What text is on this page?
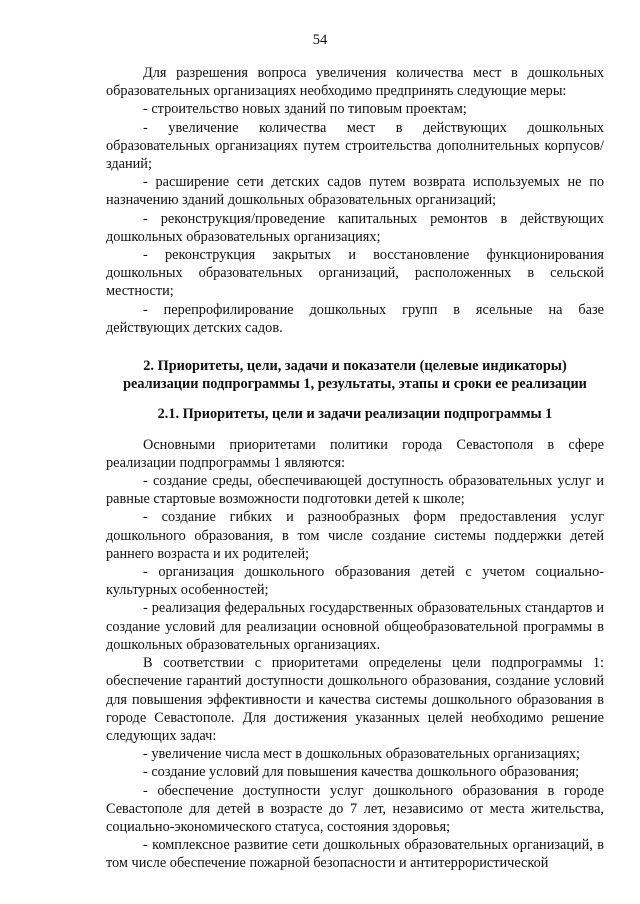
54

Для разрешения вопроса увеличения количества мест в дошкольных образовательных организациях необходимо предпринять следующие меры:

- строительство новых зданий по типовым проектам;

- увеличение количества мест в действующих дошкольных образовательных организациях путем строительства дополнительных корпусов/зданий;

- расширение сети детских садов путем возврата используемых не по назначению зданий дошкольных образовательных организаций;

- реконструкция/проведение капитальных ремонтов в действующих дошкольных образовательных организациях;

- реконструкция закрытых и восстановление функционирования дошкольных образовательных организаций, расположенных в сельской местности;

- перепрофилирование дошкольных групп в ясельные на базе действующих детских садов.

2. Приоритеты, цели, задачи и показатели (целевые индикаторы) реализации подпрограммы 1, результаты, этапы и сроки ее реализации

2.1. Приоритеты, цели и задачи реализации подпрограммы 1

Основными приоритетами политики города Севастополя в сфере реализации подпрограммы 1 являются:

- создание среды, обеспечивающей доступность образовательных услуг и равные стартовые возможности подготовки детей к школе;

- создание гибких и разнообразных форм предоставления услуг дошкольного образования, в том числе создание системы поддержки детей раннего возраста и их родителей;

- организация дошкольного образования детей с учетом социально-культурных особенностей;

- реализация федеральных государственных образовательных стандартов и создание условий для реализации основной общеобразовательной программы в дошкольных образовательных организациях.

В соответствии с приоритетами определены цели подпрограммы 1: обеспечение гарантий доступности дошкольного образования, создание условий для повышения эффективности и качества системы дошкольного образования в городе Севастополе. Для достижения указанных целей необходимо решение следующих задач:

- увеличение числа мест в дошкольных образовательных организациях;

- создание условий для повышения качества дошкольного образования;

- обеспечение доступности услуг дошкольного образования в городе Севастополе для детей в возрасте до 7 лет, независимо от места жительства, социально-экономического статуса, состояния здоровья;

- комплексное развитие сети дошкольных образовательных организаций, в том числе обеспечение пожарной безопасности и антитеррористической
